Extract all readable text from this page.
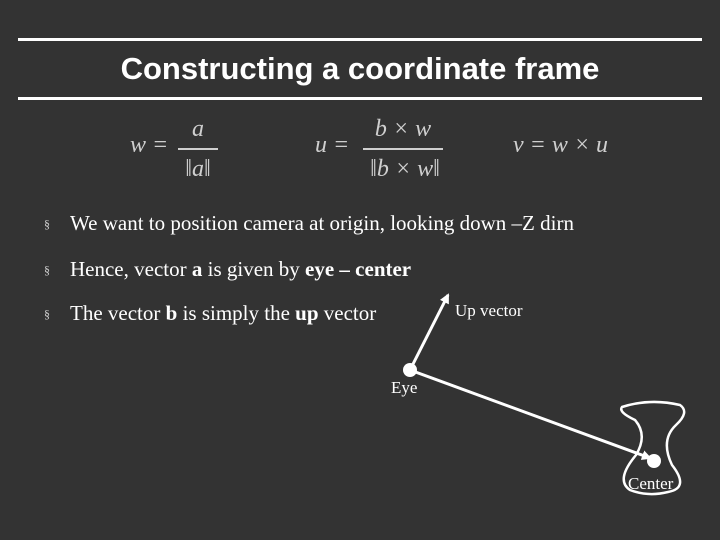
Constructing a coordinate frame
w =
a
‖a‖
u =
b × w
‖b × w‖
v = w × u
§ We want to position camera at origin, looking down –Z dirn
§ Hence, vector a is given by eye – center
§ The vector b is simply the up vector	Up vector
Eye
Center
